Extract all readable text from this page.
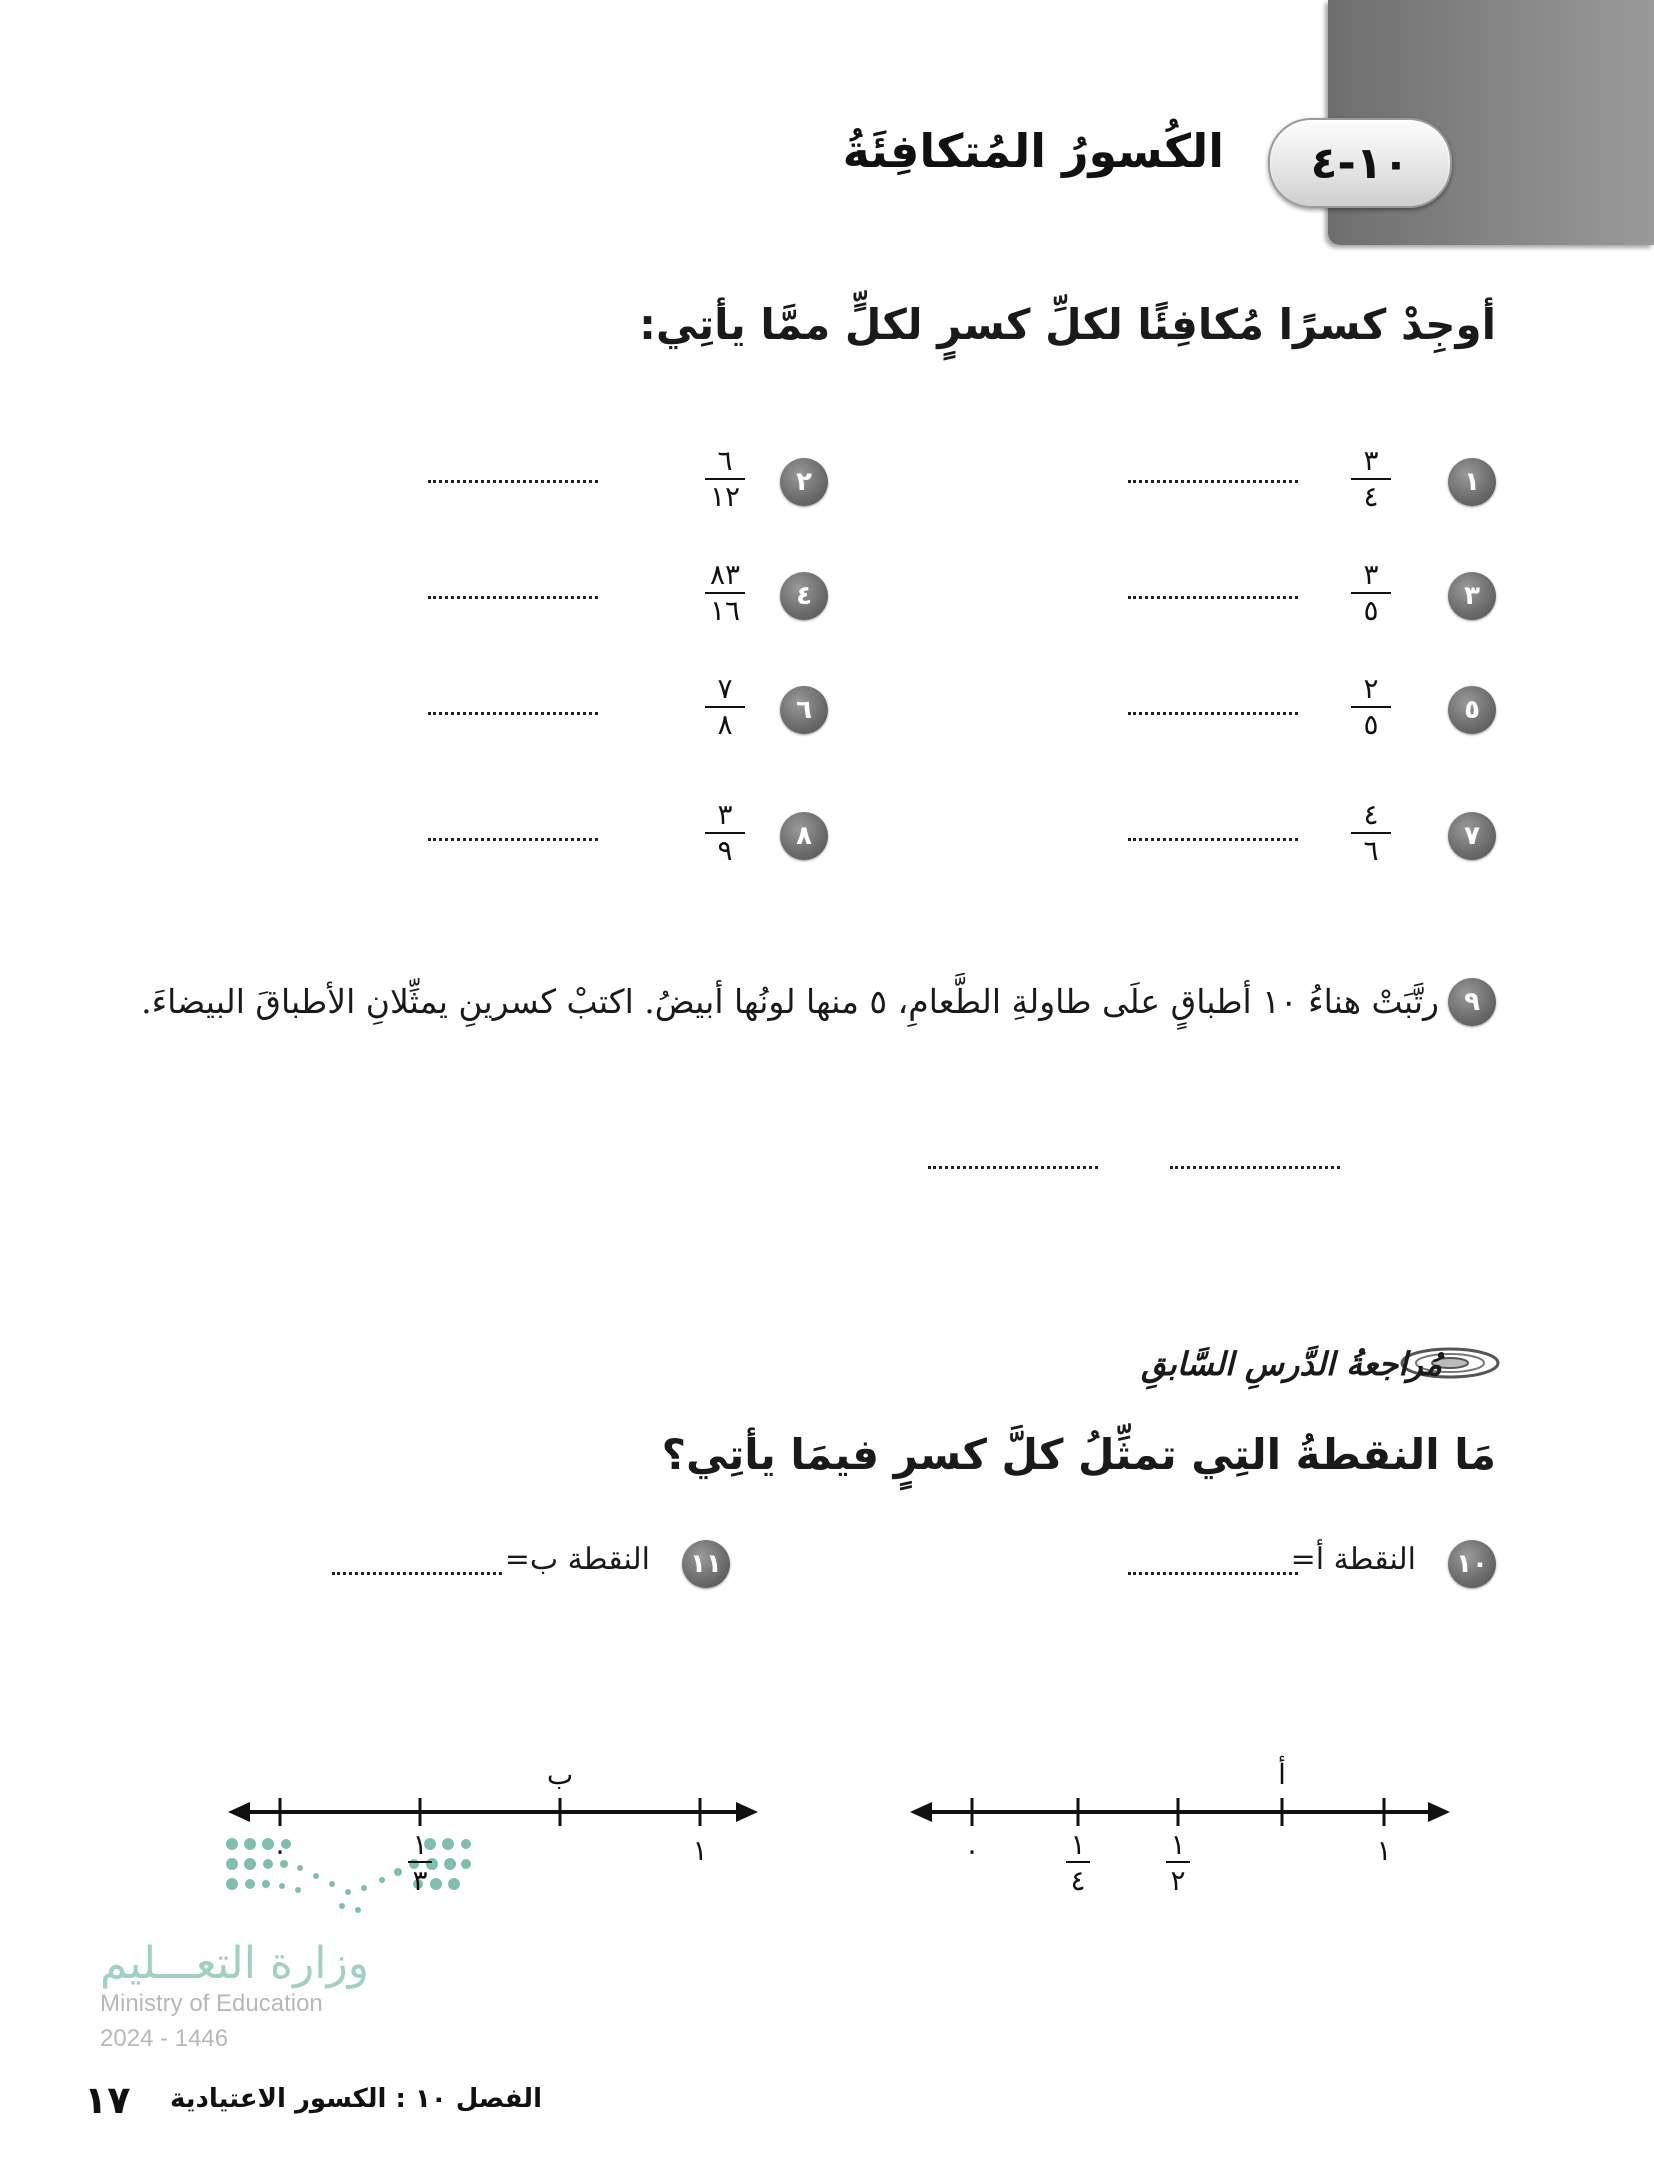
١٠-٤
الكُسورُ المُتكافِئَةُ
أوجِدْ كسرًا مُكافِئًا لكلِّ كسرٍ لكلٍّ ممَّا يأتِي:
١
٣
٤
٢
٦
١٢
٣
٣
٥
٤
٨٣
١٦
٥
٢
٥
٦
٧
٨
٧
٤
٦
٨
٣
٩
٩
رتَّبَتْ هناءُ ١٠ أطباقٍ علَى طاولةِ الطَّعامِ، ٥ منها لونُها أبيضُ. اكتبْ كسرينِ يمثِّلانِ الأطباقَ البيضاءَ.
مُراجعةُ الدَّرسِ السَّابقِ
مَا النقطةُ التِي تمثِّلُ كلَّ كسرٍ فيمَا يأتِي؟
١٠
النقطة أ=
١١
النقطة ب=
أ
٠	١
١
٤
١
٢
ب
٠	١
١
٣
وزارة التعـــليم
Ministry of Education
2024 - 1446
١٧ الفصل ١٠ : الكسور الاعتيادية
